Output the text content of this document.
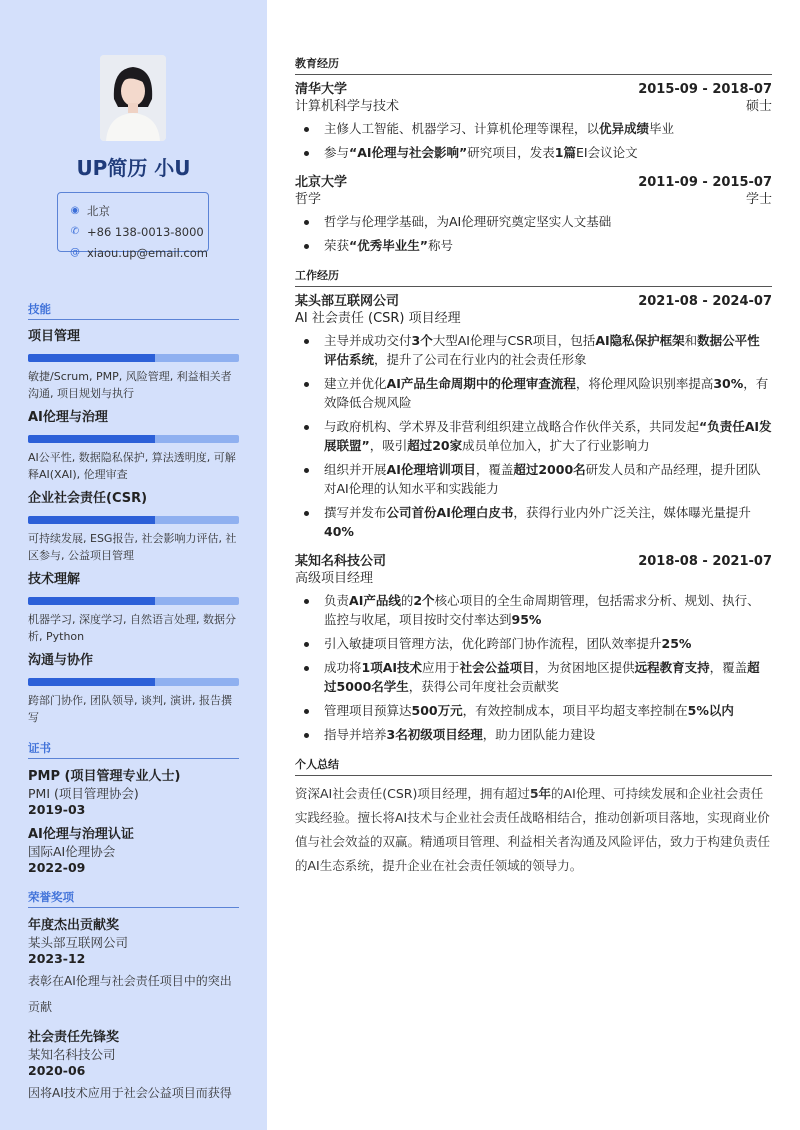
UP简历 小U
◉ 北京
✆ +86 138-0013-8000
@ xiaou.up@email.com
技能
项目管理
敏捷/Scrum, PMP, 风险管理, 利益相关者沟通, 项目规划与执行
AI伦理与治理
AI公平性, 数据隐私保护, 算法透明度, 可解释AI(XAI), 伦理审查
企业社会责任(CSR)
可持续发展, ESG报告, 社会影响力评估, 社区参与, 公益项目管理
技术理解
机器学习, 深度学习, 自然语言处理, 数据分析, Python
沟通与协作
跨部门协作, 团队领导, 谈判, 演讲, 报告撰写
证书
PMP (项目管理专业人士)
PMI (项目管理协会)
2019-03
AI伦理与治理认证
国际AI伦理协会
2022-09
荣誉奖项
年度杰出贡献奖
某头部互联网公司
2023-12
表彰在AI伦理与社会责任项目中的突出贡献
社会责任先锋奖
某知名科技公司
2020-06
因将AI技术应用于社会公益项目而获得
教育经历
清华大学	2015-09 - 2018-07
计算机科学与技术	硕士
主修人工智能、机器学习、计算机伦理等课程，以优异成绩毕业
参与“AI伦理与社会影响”研究项目，发表1篇EI会议论文
北京大学	2011-09 - 2015-07
哲学	学士
哲学与伦理学基础，为AI伦理研究奠定坚实人文基础
荣获“优秀毕业生”称号
工作经历
某头部互联网公司	2021-08 - 2024-07
AI 社会责任 (CSR) 项目经理
主导并成功交付3个大型AI伦理与CSR项目，包括AI隐私保护框架和数据公平性评估系统，提升了公司在行业内的社会责任形象
建立并优化AI产品生命周期中的伦理审查流程，将伦理风险识别率提高30%，有效降低合规风险
与政府机构、学术界及非营利组织建立战略合作伙伴关系，共同发起“负责任AI发展联盟”，吸引超过20家成员单位加入，扩大了行业影响力
组织并开展AI伦理培训项目，覆盖超过2000名研发人员和产品经理，提升团队对AI伦理的认知水平和实践能力
撰写并发布公司首份AI伦理白皮书，获得行业内外广泛关注，媒体曝光量提升40%
某知名科技公司	2018-08 - 2021-07
高级项目经理
负责AI产品线的2个核心项目的全生命周期管理，包括需求分析、规划、执行、监控与收尾，项目按时交付率达到95%
引入敏捷项目管理方法，优化跨部门协作流程，团队效率提升25%
成功将1项AI技术应用于社会公益项目，为贫困地区提供远程教育支持，覆盖超过5000名学生，获得公司年度社会贡献奖
管理项目预算达500万元，有效控制成本，项目平均超支率控制在5%以内
指导并培养3名初级项目经理，助力团队能力建设
个人总结
资深AI社会责任(CSR)项目经理，拥有超过5年的AI伦理、可持续发展和企业社会责任实践经验。擅长将AI技术与企业社会责任战略相结合，推动创新项目落地，实现商业价值与社会效益的双赢。精通项目管理、利益相关者沟通及风险评估，致力于构建负责任的AI生态系统，提升企业在社会责任领域的领导力。
